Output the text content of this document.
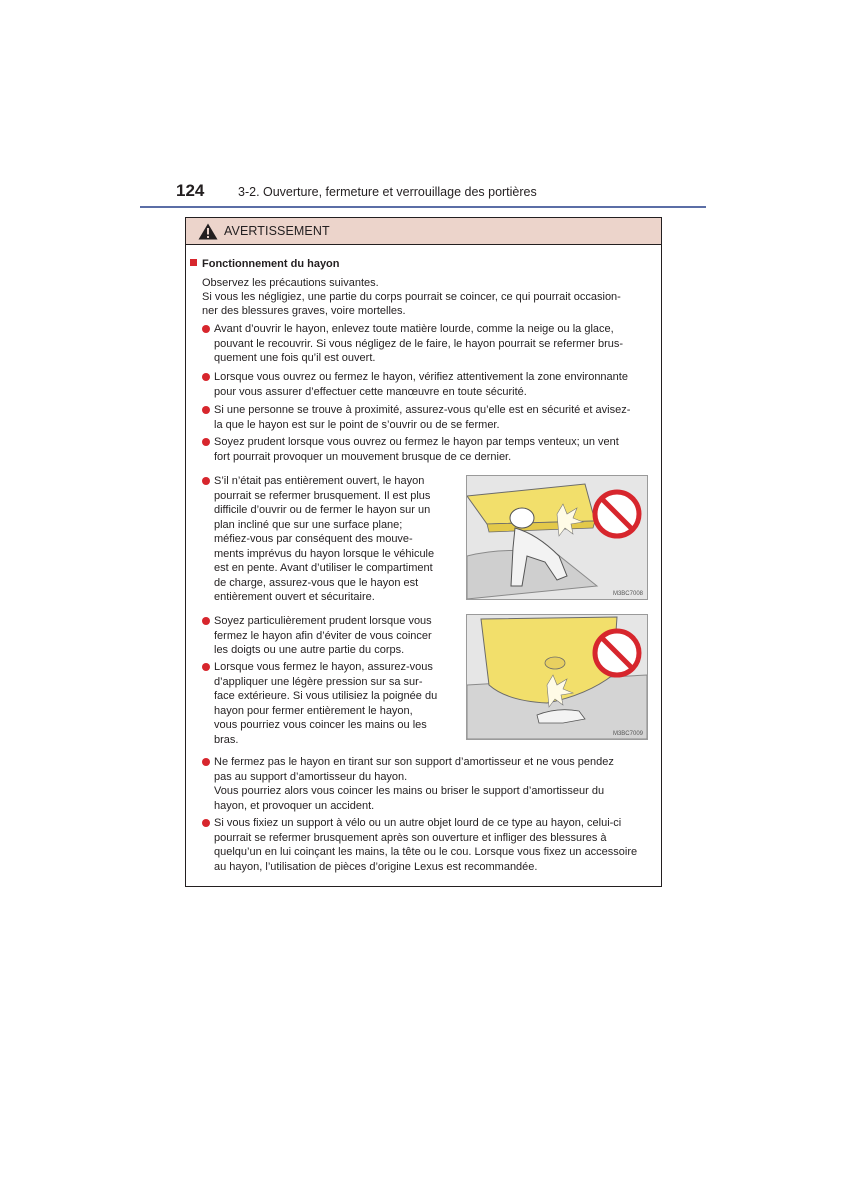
124	3-2. Ouverture, fermeture et verrouillage des portières
AVERTISSEMENT
Fonctionnement du hayon
Observez les précautions suivantes.
Si vous les négligiez, une partie du corps pourrait se coincer, ce qui pourrait occasion-
ner des blessures graves, voire mortelles.
Avant d’ouvrir le hayon, enlevez toute matière lourde, comme la neige ou la glace,
pouvant le recouvrir. Si vous négligez de le faire, le hayon pourrait se refermer brus-
quement une fois qu’il est ouvert.
Lorsque vous ouvrez ou fermez le hayon, vérifiez attentivement la zone environnante
pour vous assurer d’effectuer cette manœuvre en toute sécurité.
Si une personne se trouve à proximité, assurez-vous qu’elle est en sécurité et avisez-
la que le hayon est sur le point de s’ouvrir ou de se fermer.
Soyez prudent lorsque vous ouvrez ou fermez le hayon par temps venteux; un vent
fort pourrait provoquer un mouvement brusque de ce dernier.
S’il n’était pas entièrement ouvert, le hayon
pourrait se refermer brusquement. Il est plus
difficile d’ouvrir ou de fermer le hayon sur un
plan incliné que sur une surface plane;
méfiez-vous par conséquent des mouve-
ments imprévus du hayon lorsque le véhicule
est en pente. Avant d’utiliser le compartiment
de charge, assurez-vous que le hayon est
entièrement ouvert et sécuritaire.	M3BC7008
Soyez particulièrement prudent lorsque vous
fermez le hayon afin d’éviter de vous coincer
les doigts ou une autre partie du corps.
Lorsque vous fermez le hayon, assurez-vous
d’appliquer une légère pression sur sa sur-
face extérieure. Si vous utilisiez la poignée du
hayon pour fermer entièrement le hayon,
vous pourriez vous coincer les mains ou les
bras.	M3BC7009
Ne fermez pas le hayon en tirant sur son support d’amortisseur et ne vous pendez
pas au support d’amortisseur du hayon.
Vous pourriez alors vous coincer les mains ou briser le support d’amortisseur du
hayon, et provoquer un accident.
Si vous fixiez un support à vélo ou un autre objet lourd de ce type au hayon, celui-ci
pourrait se refermer brusquement après son ouverture et infliger des blessures à
quelqu’un en lui coinçant les mains, la tête ou le cou. Lorsque vous fixez un accessoire
au hayon, l’utilisation de pièces d’origine Lexus est recommandée.
